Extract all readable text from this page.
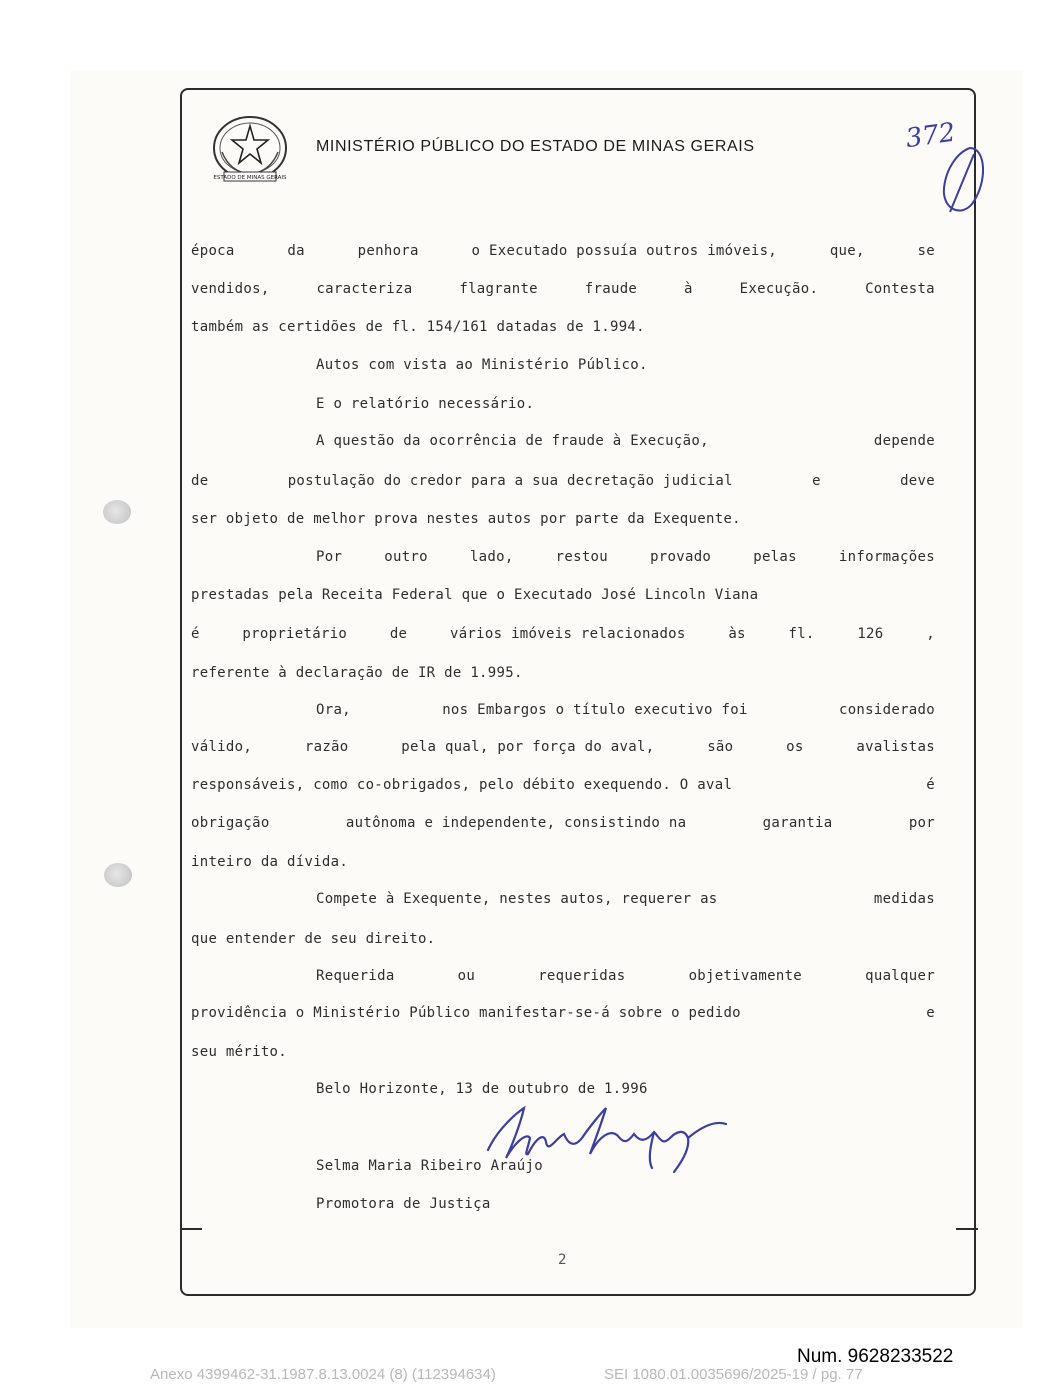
ESTADO DE MINAS GERAIS
MINISTÉRIO PÚBLICO DO ESTADO DE MINAS GERAIS	372
época	da	penhora	o Executado possuía outros imóveis,	que,	se
vendidos,	caracteriza	flagrante	fraude	à	Execução.	Contesta
também as certidões de fl. 154/161 datadas de 1.994.
Autos com vista ao Ministério Público.
E o relatório necessário.
A questão da ocorrência de fraude à Execução,	depende
de	postulação do credor para a sua decretação judicial	e	deve
ser objeto de melhor prova nestes autos por parte da Exequente.
Por	outro	lado,	restou	provado	pelas	informações
prestadas pela Receita Federal que o Executado José Lincoln Viana
é	proprietário	de	vários imóveis relacionados	às	fl.	126	,
referente à declaração de IR de 1.995.
Ora,	nos Embargos o título executivo foi	considerado
válido,	razão	pela qual, por força do aval,	são	os	avalistas
responsáveis, como co-obrigados, pelo débito exequendo. O aval	é
obrigação	autônoma e independente, consistindo na	garantia	por
inteiro da dívida.
Compete à Exequente, nestes autos, requerer as	medidas
que entender de seu direito.
Requerida	ou	requeridas	objetivamente	qualquer
providência o Ministério Público manifestar-se-á sobre o pedido	e
seu mérito.
Belo Horizonte, 13 de outubro de 1.996
Selma Maria Ribeiro Araújo
Promotora de Justiça
2
Num. 9628233522
Anexo 4399462-31.1987.8.13.0024 (8) (112394634)	SEI 1080.01.0035696/2025-19 / pg. 77
